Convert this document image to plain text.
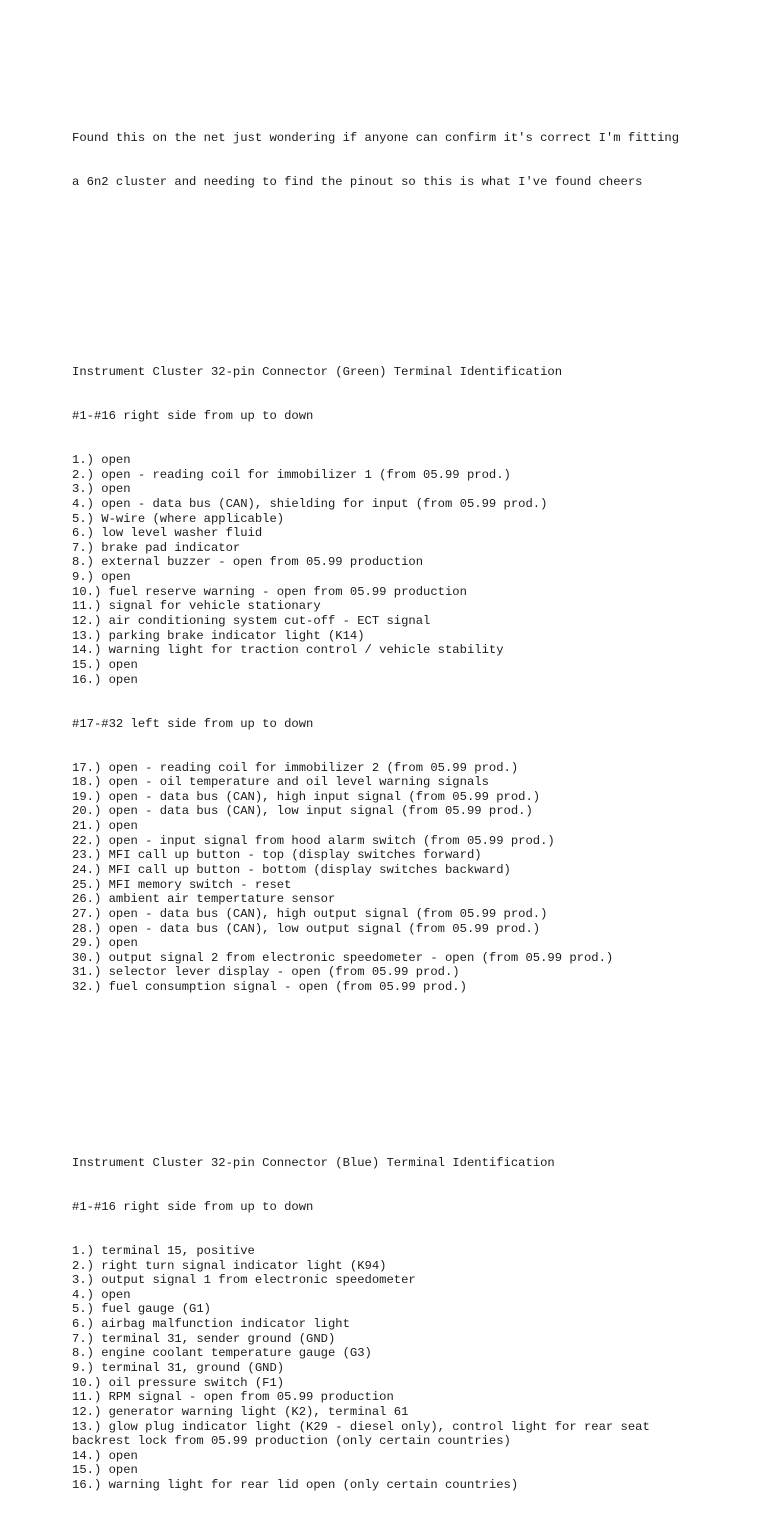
Found this on the net just wondering if anyone can confirm it's correct I'm fitting

a 6n2 cluster and needing to find the pinout so this is what I've found cheers

Instrument Cluster 32-pin Connector (Green) Terminal Identification

#1-#16 right side from up to down

1.) open
2.) open - reading coil for immobilizer 1 (from 05.99 prod.)
3.) open
4.) open - data bus (CAN), shielding for input (from 05.99 prod.)
5.) W-wire (where applicable)
6.) low level washer fluid
7.) brake pad indicator
8.) external buzzer - open from 05.99 production
9.) open
10.) fuel reserve warning - open from 05.99 production
11.) signal for vehicle stationary
12.) air conditioning system cut-off - ECT signal
13.) parking brake indicator light (K14)
14.) warning light for traction control / vehicle stability
15.) open
16.) open

#17-#32 left side from up to down

17.) open - reading coil for immobilizer 2 (from 05.99 prod.)
18.) open - oil temperature and oil level warning signals
19.) open - data bus (CAN), high input signal (from 05.99 prod.)
20.) open - data bus (CAN), low input signal (from 05.99 prod.)
21.) open
22.) open - input signal from hood alarm switch (from 05.99 prod.)
23.) MFI call up button - top (display switches forward)
24.) MFI call up button - bottom (display switches backward)
25.) MFI memory switch - reset
26.) ambient air tempertature sensor
27.) open - data bus (CAN), high output signal (from 05.99 prod.)
28.) open - data bus (CAN), low output signal (from 05.99 prod.)
29.) open
30.) output signal 2 from electronic speedometer - open (from 05.99 prod.)
31.) selector lever display - open (from 05.99 prod.)
32.) fuel consumption signal - open (from 05.99 prod.)

Instrument Cluster 32-pin Connector (Blue) Terminal Identification

#1-#16 right side from up to down

1.) terminal 15, positive
2.) right turn signal indicator light (K94)
3.) output signal 1 from electronic speedometer
4.) open
5.) fuel gauge (G1)
6.) airbag malfunction indicator light
7.) terminal 31, sender ground (GND)
8.) engine coolant temperature gauge (G3)
9.) terminal 31, ground (GND)
10.) oil pressure switch (F1)
11.) RPM signal - open from 05.99 production
12.) generator warning light (K2), terminal 61
13.) glow plug indicator light (K29 - diesel only), control light for rear seat
backrest lock from 05.99 production (only certain countries)
14.) open
15.) open
16.) warning light for rear lid open (only certain countries)
